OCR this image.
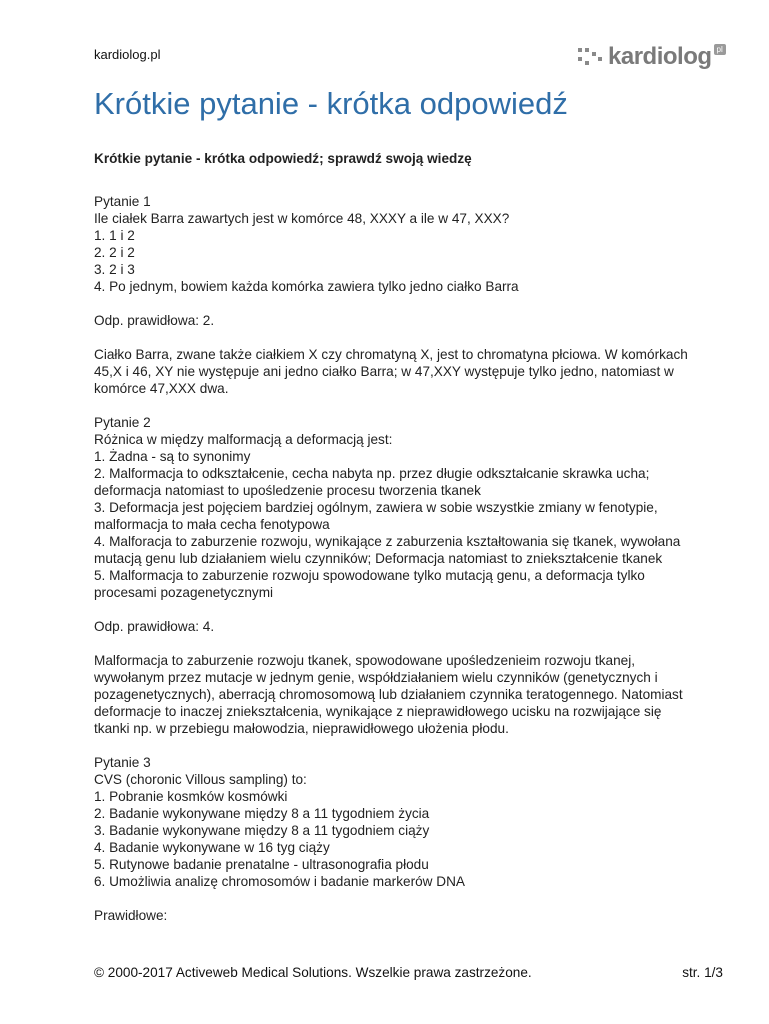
kardiolog.pl	kardiolog pl
Krótkie pytanie - krótka odpowiedź
Krótkie pytanie - krótka odpowiedź; sprawdź swoją wiedzę

Pytanie 1
Ile ciałek Barra zawartych jest w komórce 48, XXXY a ile w 47, XXX?
1. 1 i 2
2. 2 i 2
3. 2 i 3
4. Po jednym, bowiem każda komórka zawiera tylko jedno ciałko Barra

Odp. prawidłowa: 2.

Ciałko Barra, zwane także ciałkiem X czy chromatyną X, jest to chromatyna płciowa. W komórkach 45,X i 46, XY nie występuje ani jedno ciałko Barra; w 47,XXY występuje tylko jedno, natomiast w komórce 47,XXX dwa.

Pytanie 2
Różnica w między malformacją a deformacją jest:
1. Żadna - są to synonimy
2. Malformacja to odkształcenie, cecha nabyta np. przez długie odkształcanie skrawka ucha; deformacja natomiast to upośledzenie procesu tworzenia tkanek
3. Deformacja jest pojęciem bardziej ogólnym, zawiera w sobie wszystkie zmiany w fenotypie, malformacja to mała cecha fenotypowa
4. Malforacja to zaburzenie rozwoju, wynikające z zaburzenia kształtowania się tkanek, wywołana mutacją genu lub działaniem wielu czynników; Deformacja natomiast to zniekształcenie tkanek
5. Malformacja to zaburzenie rozwoju spowodowane tylko mutacją genu, a deformacja tylko procesami pozagenetycznymi

Odp. prawidłowa: 4.

Malformacja to zaburzenie rozwoju tkanek, spowodowane upośledzenieim rozwoju tkanej, wywołanym przez mutacje w jednym genie, współdziałaniem wielu czynników (genetycznych i pozagenetycznych), aberracją chromosomową lub działaniem czynnika teratogennego. Natomiast deformacje to inaczej zniekształcenia, wynikające z nieprawidłowego ucisku na rozwijające się tkanki np. w przebiegu małowodzia, nieprawidłowego ułożenia płodu.

Pytanie 3
CVS (choronic Villous sampling) to:
1. Pobranie kosmków kosmówki
2. Badanie wykonywane między 8 a 11 tygodniem życia
3. Badanie wykonywane między 8 a 11 tygodniem ciąży
4. Badanie wykonywane w 16 tyg ciąży
5. Rutynowe badanie prenatalne - ultrasonografia płodu
6. Umożliwia analizę chromosomów i badanie markerów DNA

Prawidłowe:

© 2000-2017 Activeweb Medical Solutions. Wszelkie prawa zastrzeżone.	str. 1/3
